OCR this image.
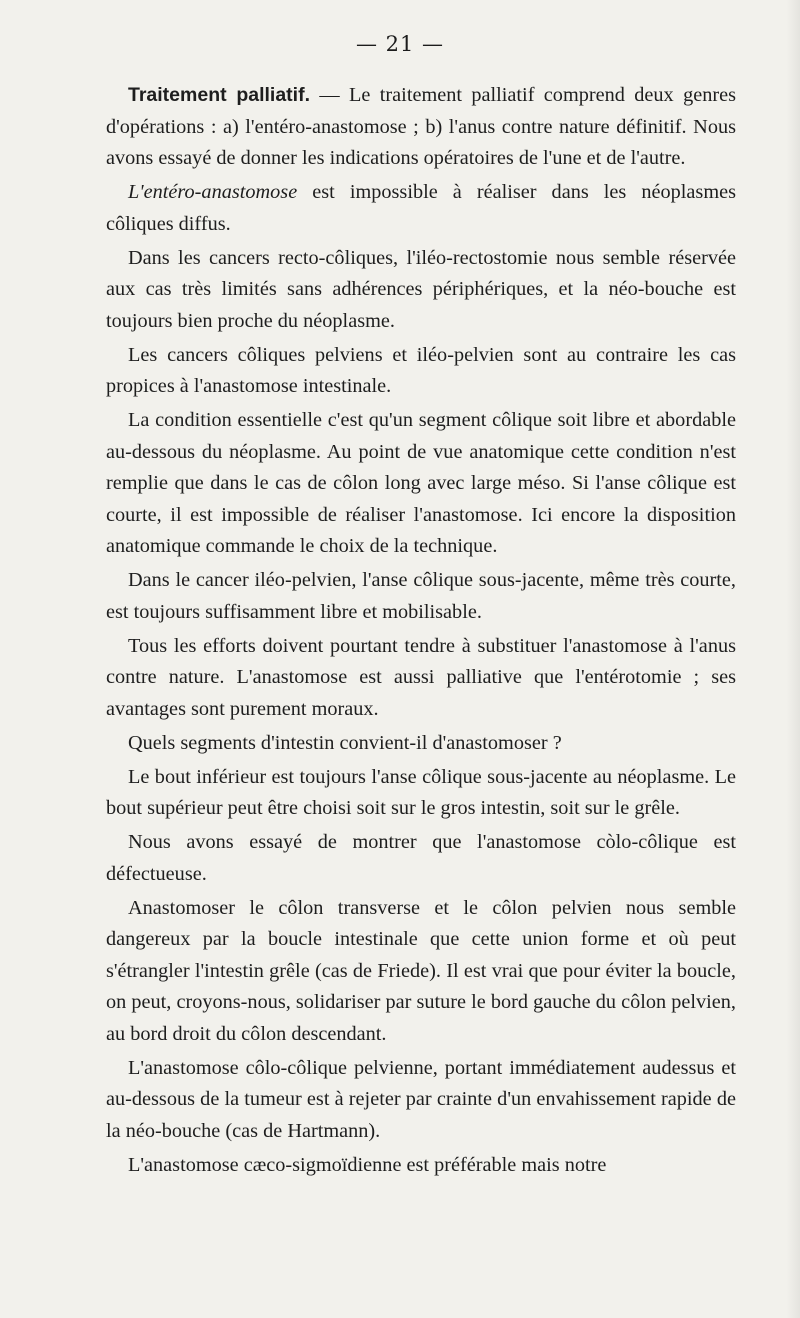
— 21 —

Traitement palliatif. — Le traitement palliatif comprend deux genres d'opérations : a) l'entéro-anastomose ; b) l'anus contre nature définitif. Nous avons essayé de donner les indications opératoires de l'une et de l'autre.

L'entéro-anastomose est impossible à réaliser dans les néoplasmes côliques diffus.

Dans les cancers recto-côliques, l'iléo-rectostomie nous semble réservée aux cas très limités sans adhérences périphériques, et la néo-bouche est toujours bien proche du néoplasme.

Les cancers côliques pelviens et iléo-pelvien sont au contraire les cas propices à l'anastomose intestinale.

La condition essentielle c'est qu'un segment côlique soit libre et abordable au-dessous du néoplasme. Au point de vue anatomique cette condition n'est remplie que dans le cas de côlon long avec large méso. Si l'anse côlique est courte, il est impossible de réaliser l'anastomose. Ici encore la disposition anatomique commande le choix de la technique.

Dans le cancer iléo-pelvien, l'anse côlique sous-jacente, même très courte, est toujours suffisamment libre et mobilisable.

Tous les efforts doivent pourtant tendre à substituer l'anastomose à l'anus contre nature. L'anastomose est aussi palliative que l'entérotomie ; ses avantages sont purement moraux.

Quels segments d'intestin convient-il d'anastomoser ?

Le bout inférieur est toujours l'anse côlique sous-jacente au néoplasme. Le bout supérieur peut être choisi soit sur le gros intestin, soit sur le grêle.

Nous avons essayé de montrer que l'anastomose còlo-côlique est défectueuse.

Anastomoser le côlon transverse et le côlon pelvien nous semble dangereux par la boucle intestinale que cette union forme et où peut s'étrangler l'intestin grêle (cas de Friede). Il est vrai que pour éviter la boucle, on peut, croyons-nous, solidariser par suture le bord gauche du côlon pelvien, au bord droit du côlon descendant.

L'anastomose côlo-côlique pelvienne, portant immédiatement audessus et au-dessous de la tumeur est à rejeter par crainte d'un envahissement rapide de la néo-bouche (cas de Hartmann).

L'anastomose cæco-sigmoïdienne est préférable mais notre
